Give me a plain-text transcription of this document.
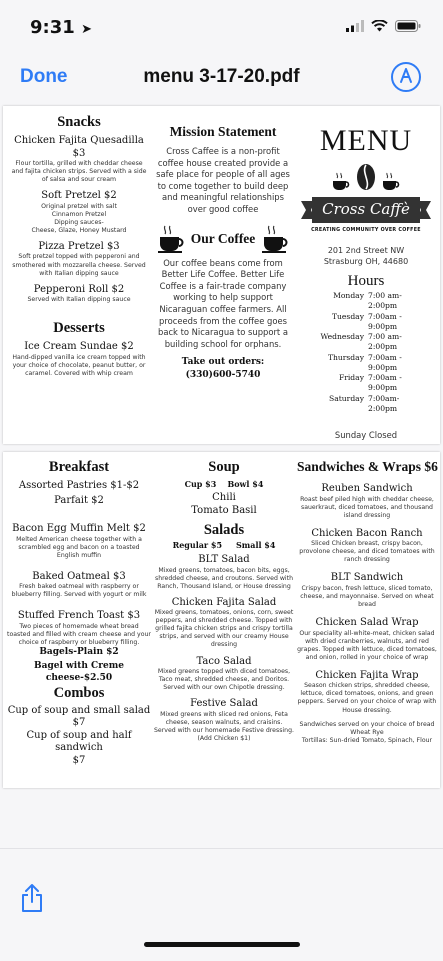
9:31 ➤
Done	menu 3-17-20.pdf

Snacks

Chicken Fajita Quesadilla $3

Flour tortilla, grilled with cheddar cheese and fajita chicken strips. Served with a side of salsa and sour cream

Soft Pretzel $2

Original pretzel with salt
Cinnamon Pretzel
Dipping sauces-
Cheese, Glaze, Honey Mustard

Pizza Pretzel $3

Soft pretzel topped with pepperoni and smothered with mozzarella cheese. Served with Italian dipping sauce

Pepperoni Roll $2

Served with Italian dipping sauce

Desserts

Ice Cream Sundae $2

Hand-dipped vanilla ice cream topped with your choice of chocolate, peanut butter, or caramel. Covered with whip cream

Mission Statement

Cross Caffee is a non-profit coffee house created provide a safe place for people of all ages to come together to build deep and meaningful relationships over good coffee

Our Coffee

Our coffee beans come from Better Life Coffee. Better Life Coffee is a fair-trade company working to help support Nicaraguan coffee farmers. All proceeds from the coffee goes back to Nicaragua to support a building school for orphans.

Take out orders:

(330)600-5740

MENU

Cross Caffè

CREATING COMMUNITY OVER COFFEE

201 2nd Street NW

Strasburg OH, 44680

Hours

Monday 7:00 am- 2:00pm
Tuesday 7:00am - 9:00pm
Wednesday 7:00 am- 2:00pm
Thursday 7:00am - 9:00pm
Friday 7:00am - 9:00pm
Saturday 7:00am- 2:00pm

Sunday Closed

Breakfast

Assorted Pastries $1-$2

Parfait $2

Bacon Egg Muffin Melt $2

Melted American cheese together with a scrambled egg and bacon on a toasted English muffin

Baked Oatmeal $3

Fresh baked oatmeal with raspberry or blueberry filling. Served with yogurt or milk

Stuffed French Toast $3

Two pieces of homemade wheat bread toasted and filled with cream cheese and your choice of raspberry or blueberry filling.

Bagels-Plain $2

Bagel with Creme cheese-$2.50

Combos

Cup of soup and small salad

$7

Cup of soup and half sandwich

$7

Soup

Cup $3 Bowl $4

Chili

Tomato Basil

Salads

Regular $5 Small $4

BLT Salad

Mixed greens, tomatoes, bacon bits, eggs, shredded cheese, and croutons. Served with Ranch, Thousand Island, or House dressing

Chicken Fajita Salad

Mixed greens, tomatoes, onions, corn, sweet peppers, and shredded cheese. Topped with grilled fajita chicken strips and crispy tortilla strips, and served with our creamy House dressing

Taco Salad

Mixed greens topped with diced tomatoes, Taco meat, shredded cheese, and Doritos. Served with our own Chipotle dressing.

Festive Salad

Mixed greens with sliced red onions, Feta cheese, season walnuts, and craisins. Served with our homemade Festive dressing. (Add Chicken $1)

Sandwiches & Wraps $6

Reuben Sandwich

Roast beef piled high with cheddar cheese, sauerkraut, diced tomatoes, and thousand island dressing

Chicken Bacon Ranch

Sliced Chicken breast, crispy bacon, provolone cheese, and diced tomatoes with ranch dressing

BLT Sandwich

Crispy bacon, fresh lettuce, sliced tomato, cheese, and mayonnaise. Served on wheat bread

Chicken Salad Wrap

Our speciality all-white-meat, chicken salad with dried cranberries, walnuts, and red grapes. Topped with lettuce, diced tomatoes, and onion, rolled in your choice of wrap

Chicken Fajita Wrap

Season chicken strips, shredded cheese, lettuce, diced tomatoes, onions, and green peppers. Served on your choice of wrap with House dressing.

Sandwiches served on your choice of bread

Wheat Rye

Tortillas: Sun-dried Tomato, Spinach, Flour
